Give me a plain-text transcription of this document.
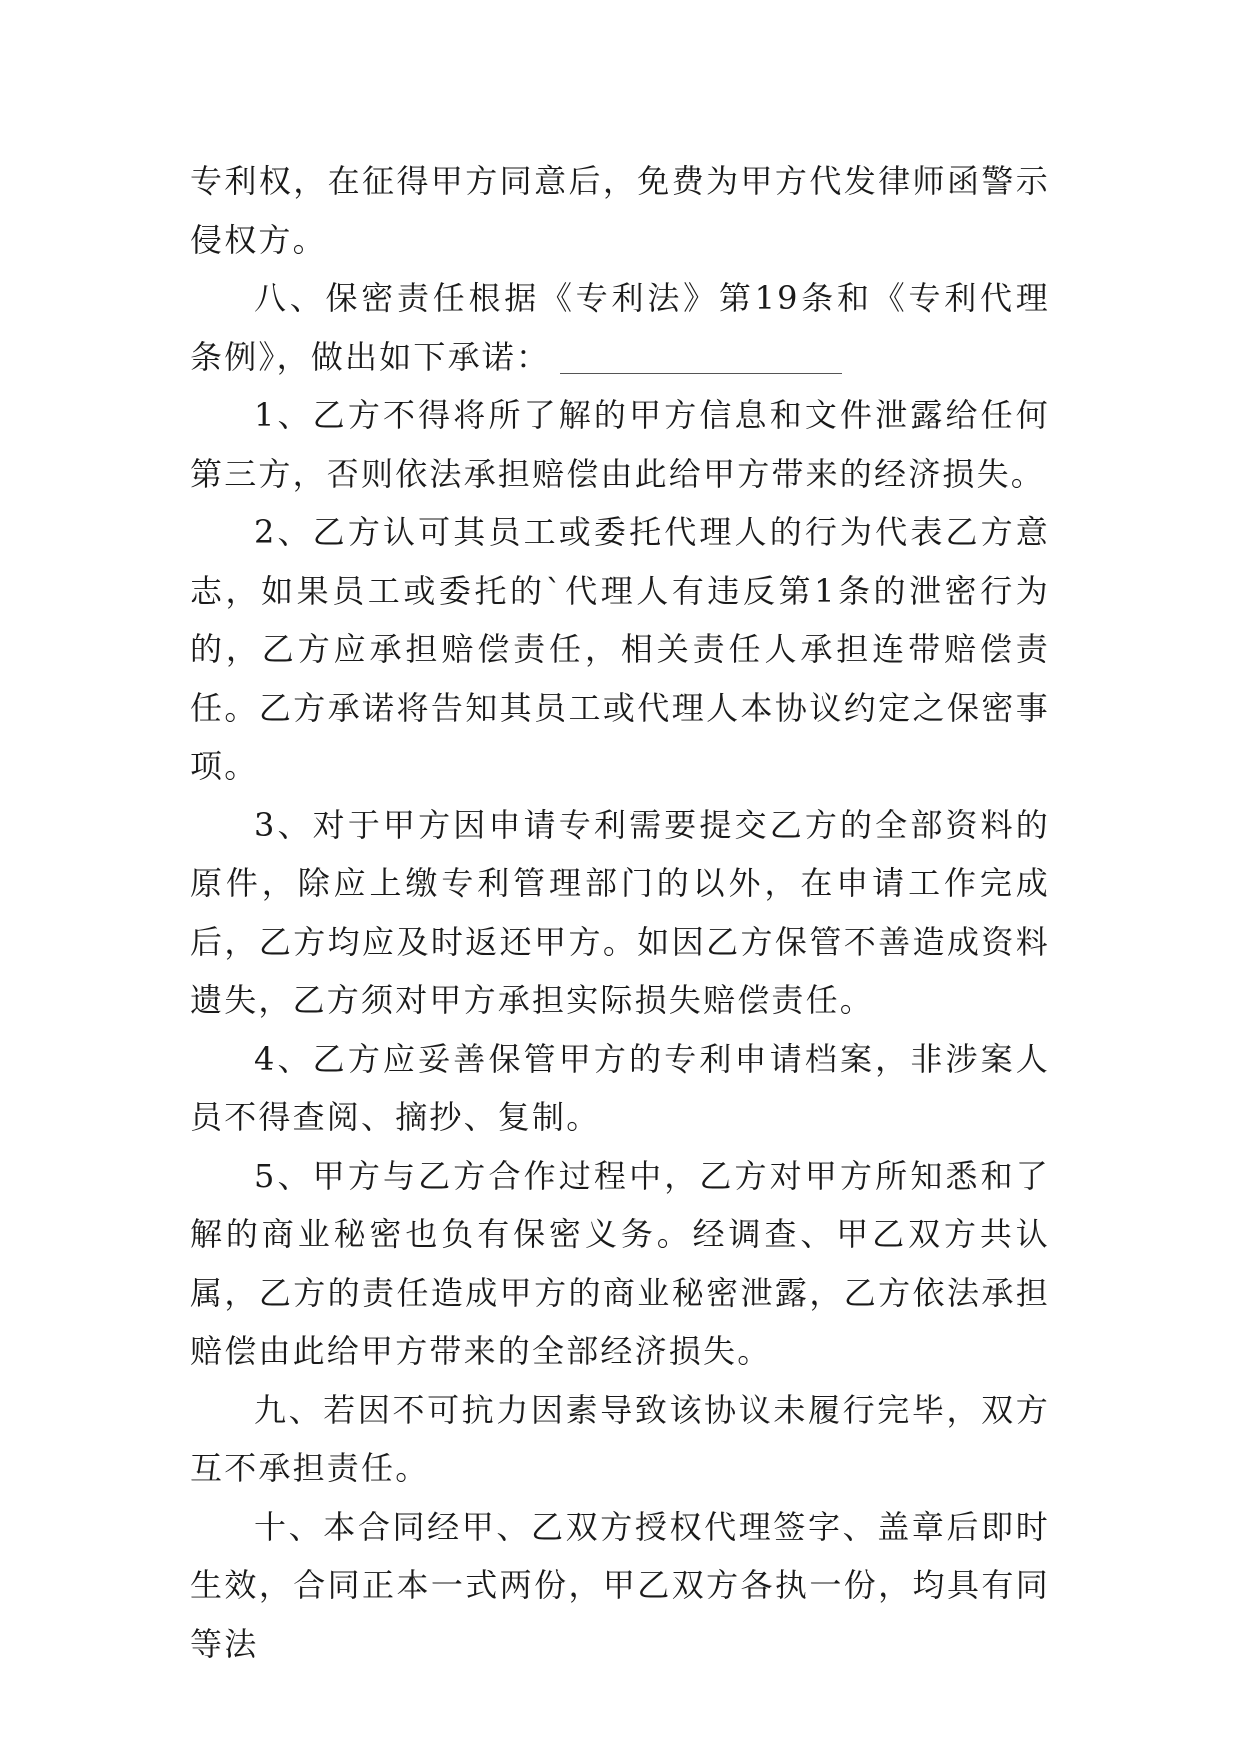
专利权，在征得甲方同意后，免费为甲方代发律师函警示侵权方。

八、保密责任根据《专利法》第19条和《专利代理条例》，做出如下承诺：

1、乙方不得将所了解的甲方信息和文件泄露给任何第三方，否则依法承担赔偿由此给甲方带来的经济损失。

2、乙方认可其员工或委托代理人的行为代表乙方意志，如果员工或委托的`代理人有违反第1条的泄密行为的，乙方应承担赔偿责任，相关责任人承担连带赔偿责任。乙方承诺将告知其员工或代理人本协议约定之保密事项。

3、对于甲方因申请专利需要提交乙方的全部资料的原件，除应上缴专利管理部门的以外，在申请工作完成后，乙方均应及时返还甲方。如因乙方保管不善造成资料遗失，乙方须对甲方承担实际损失赔偿责任。

4、乙方应妥善保管甲方的专利申请档案，非涉案人员不得查阅、摘抄、复制。

5、甲方与乙方合作过程中，乙方对甲方所知悉和了解的商业秘密也负有保密义务。经调查、甲乙双方共认属，乙方的责任造成甲方的商业秘密泄露，乙方依法承担赔偿由此给甲方带来的全部经济损失。

九、若因不可抗力因素导致该协议未履行完毕，双方互不承担责任。

十、本合同经甲、乙双方授权代理签字、盖章后即时生效，合同正本一式两份，甲乙双方各执一份，均具有同等法
